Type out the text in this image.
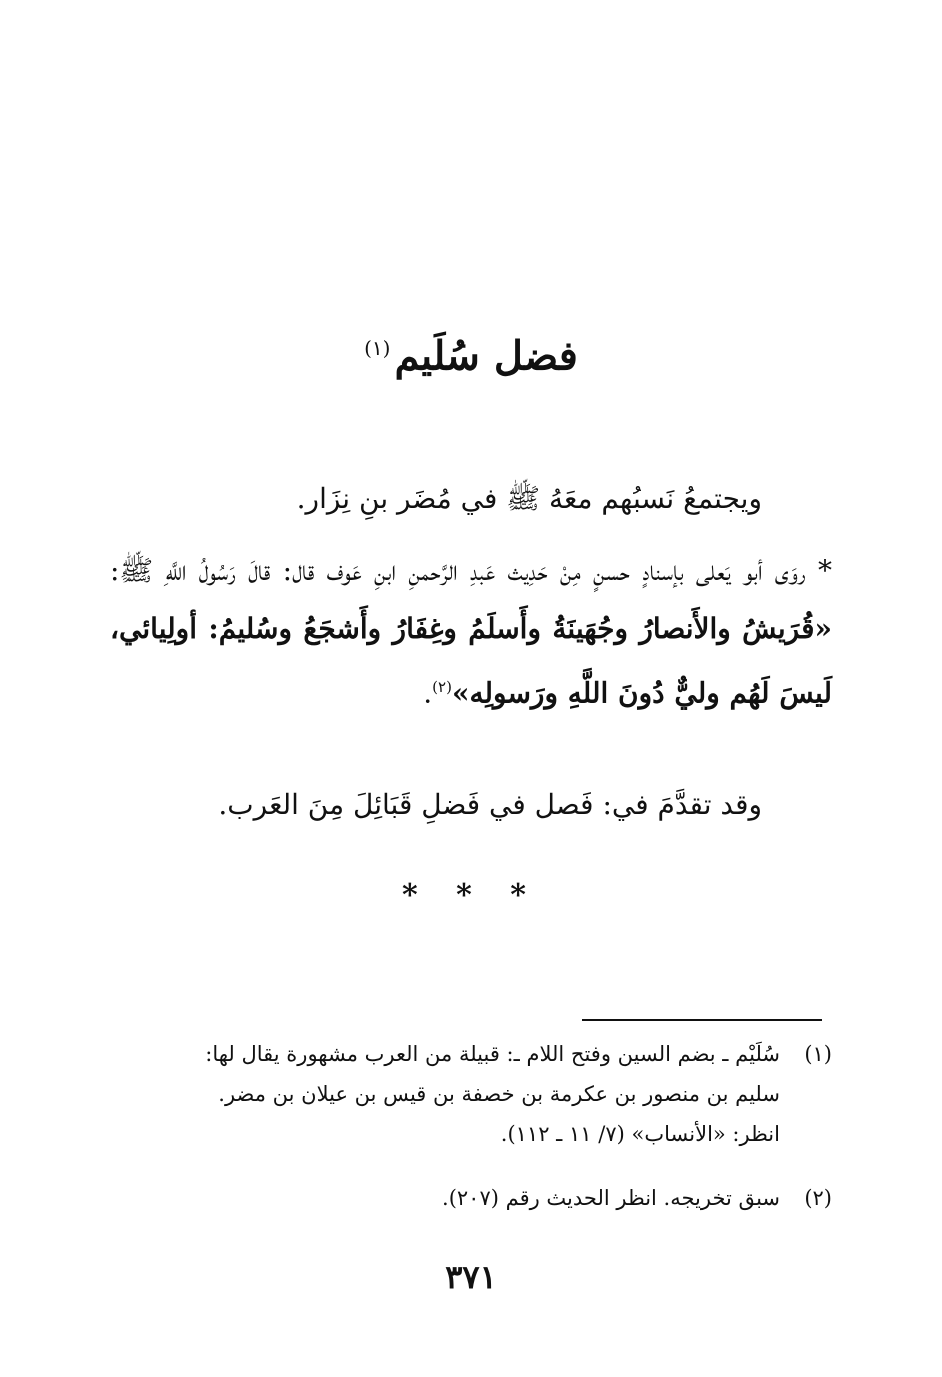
فضل سُلَيم$^{(١)}$
ويجتمعُ نَسبُهم معَهُ ﷺ في مُضَر بنِ نِزَار.
* روَى أبو يَعلى بإسنادٍ حسنٍ مِنْ حَدِيث عَبدِ الرَّحمنِ ابنِ عَوف قال: قالَ رَسُولُ اللَّهِ ﷺ: «قُرَيشُ والأَنصارُ وجُهَينَةُ وأَسلَمُ وغِفَارُ وأَشجَعُ وسُليمُ: أولِيائي، لَيسَ لَهُم وليٌّ دُونَ اللَّهِ ورَسولِه»$^{(٢)}$.
وقد تقدَّمَ في: فَصل في فَضلِ قَبَائِلَ مِنَ العَرب.
* * *
(١)سُلَيْم ـ بضم السين وفتح اللام ـ: قبيلة من العرب مشهورة يقال لها:
سليم بن منصور بن عكرمة بن خصفة بن قيس بن عيلان بن مضر.
انظر: «الأنساب» (٧/ ١١ ـ ١١٢).
(٢)سبق تخريجه. انظر الحديث رقم (٢٠٧).
٣٧١
